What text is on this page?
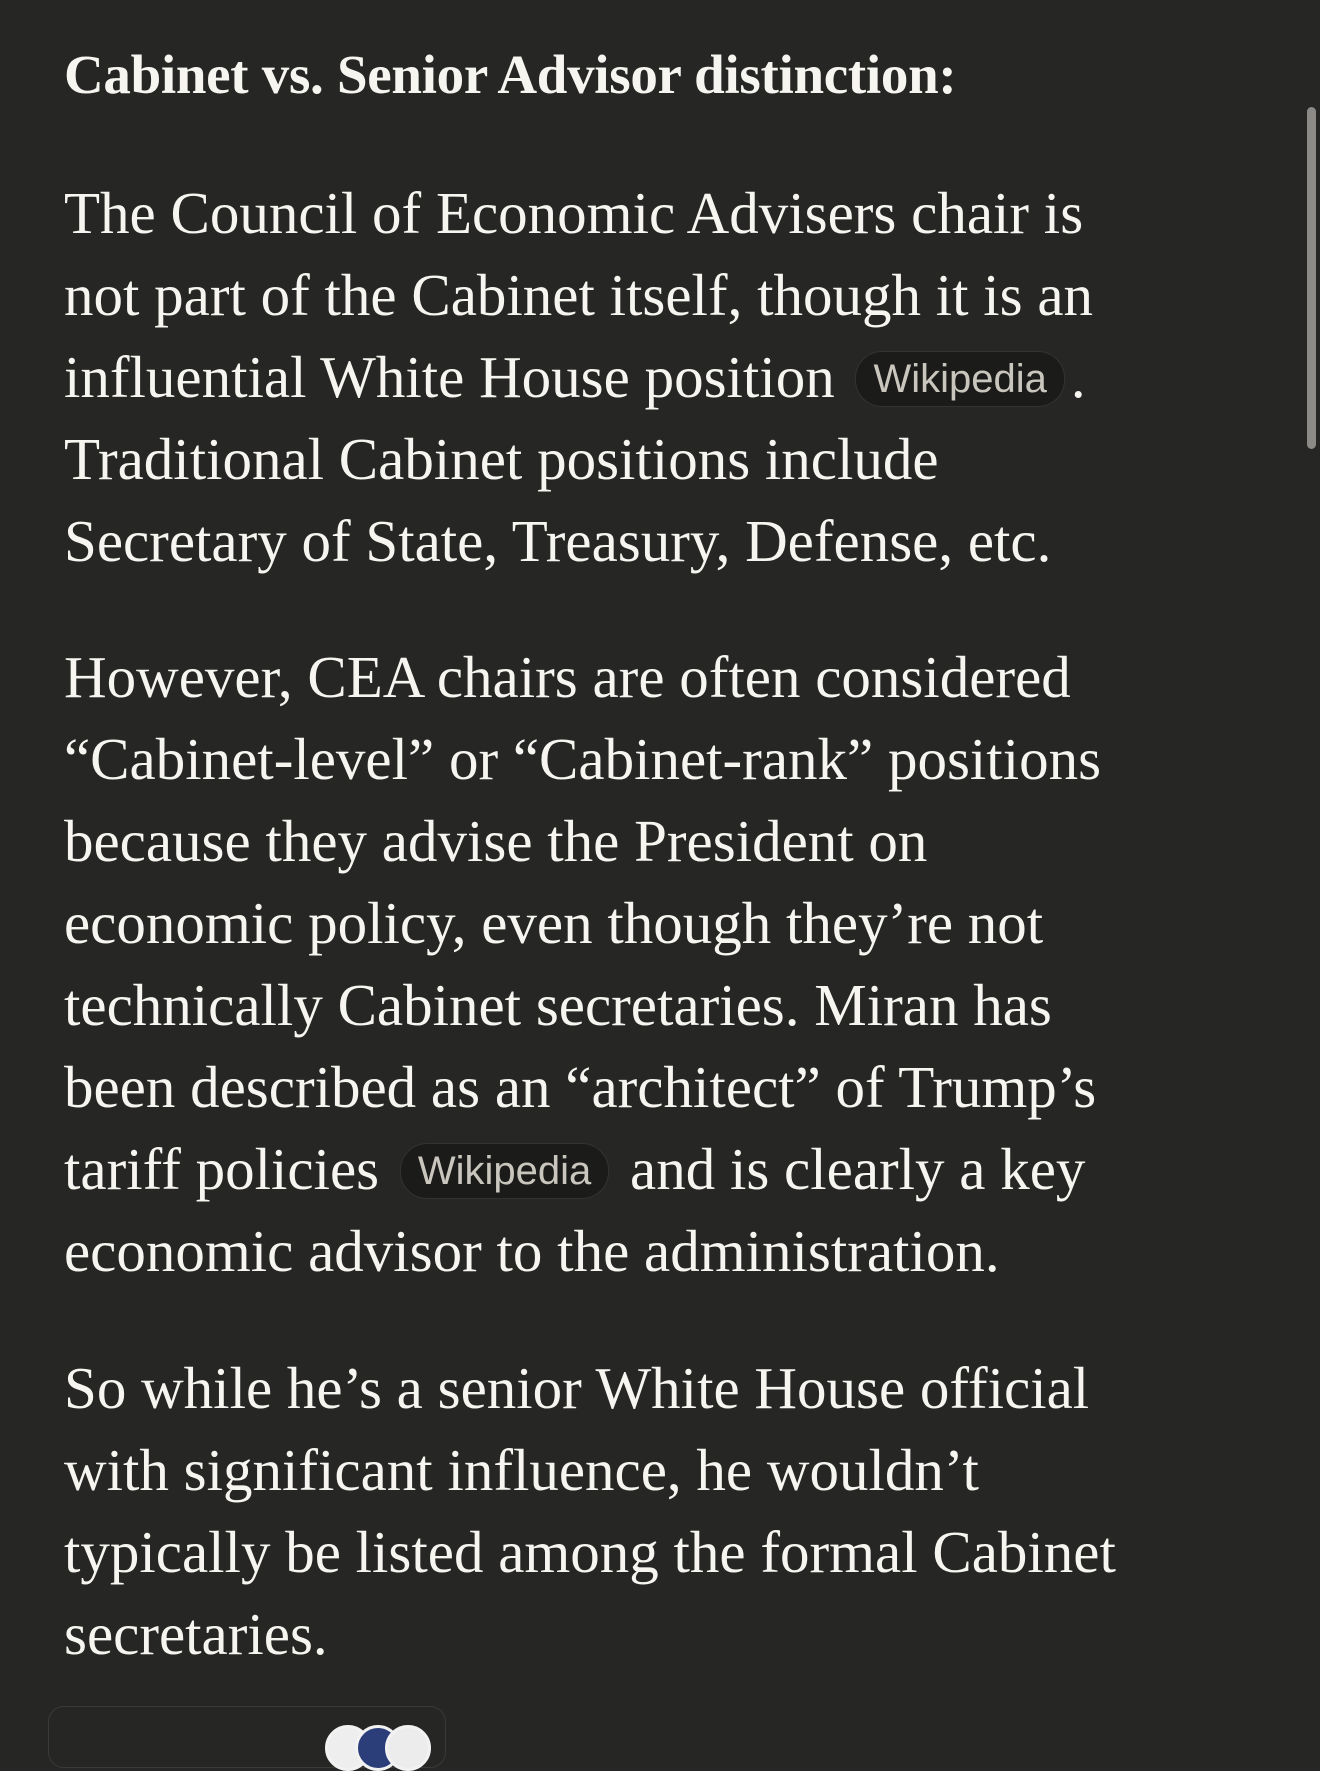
Cabinet vs. Senior Advisor distinction:

The Council of Economic Advisers chair is
not part of the Cabinet itself, though it is an
influential White House position Wikipedia .
Traditional Cabinet positions include
Secretary of State, Treasury, Defense, etc.

However, CEA chairs are often considered
“Cabinet-level” or “Cabinet-rank” positions
because they advise the President on
economic policy, even though they’re not
technically Cabinet secretaries. Miran has
been described as an “architect” of Trump’s
tariff policies Wikipedia and is clearly a key
economic advisor to the administration.

So while he’s a senior White House official
with significant influence, he wouldn’t
typically be listed among the formal Cabinet
secretaries.
